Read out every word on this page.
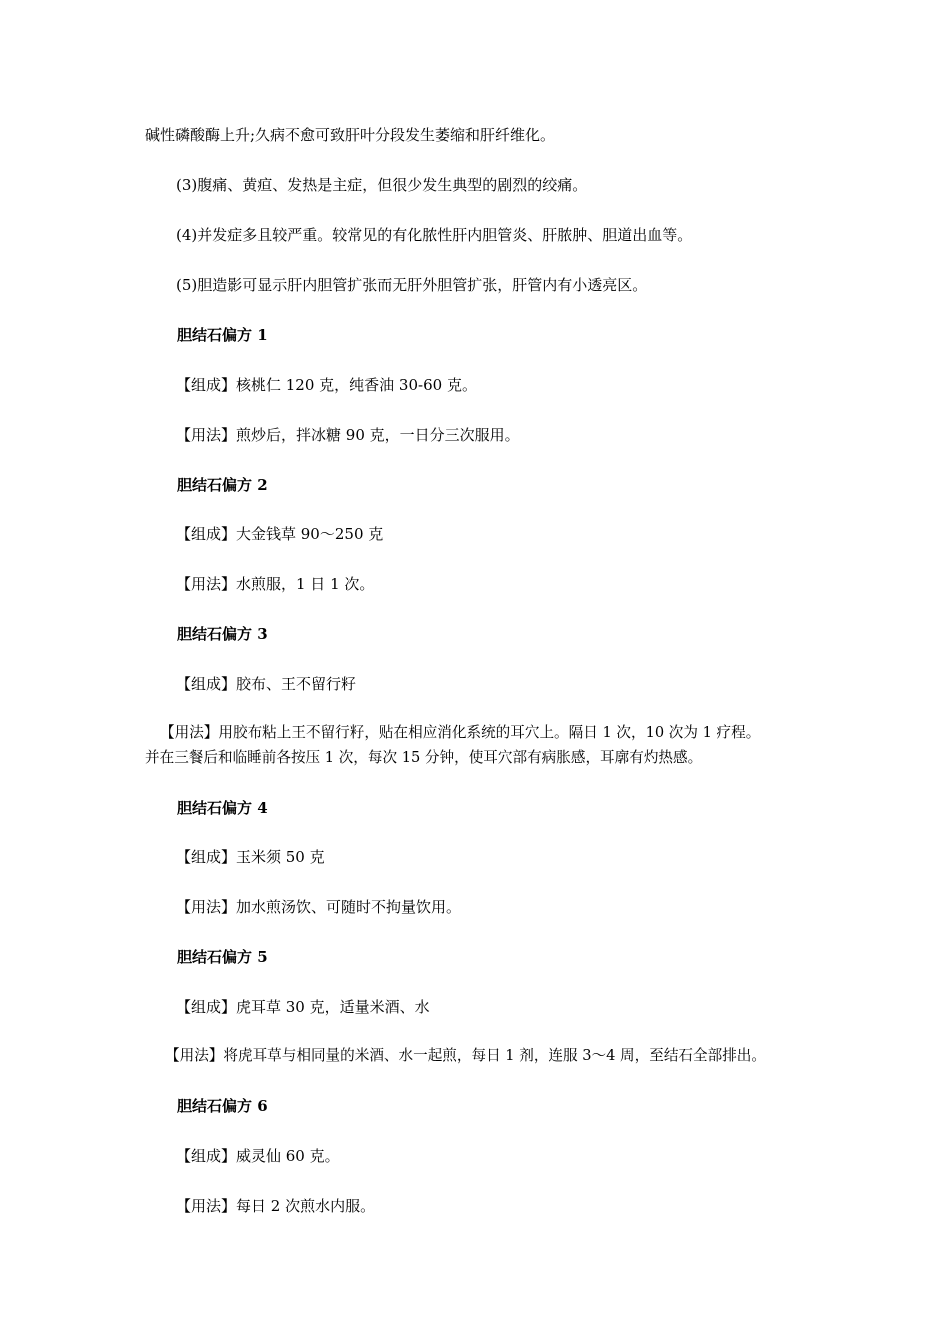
碱性磷酸酶上升;久病不愈可致肝叶分段发生萎缩和肝纤维化。
(3)腹痛、黄疸、发热是主症，但很少发生典型的剧烈的绞痛。
(4)并发症多且较严重。较常见的有化脓性肝内胆管炎、肝脓肿、胆道出血等。
(5)胆造影可显示肝内胆管扩张而无肝外胆管扩张，肝管内有小透亮区。
胆结石偏方 1
【组成】核桃仁 120 克，纯香油 30-60 克。
【用法】煎炒后，拌冰糖 90 克，一日分三次服用。
胆结石偏方 2
【组成】大金钱草 90～250 克
【用法】水煎服，1 日 1 次。
胆结石偏方 3
【组成】胶布、王不留行籽
【用法】用胶布粘上王不留行籽，贴在相应消化系统的耳穴上。隔日 1 次，10 次为 1 疗程。
并在三餐后和临睡前各按压 1 次，每次 15 分钟，使耳穴部有病胀感，耳廓有灼热感。
胆结石偏方 4
【组成】玉米须 50 克
【用法】加水煎汤饮、可随时不拘量饮用。
胆结石偏方 5
【组成】虎耳草 30 克，适量米酒、水
【用法】将虎耳草与相同量的米酒、水一起煎，每日 1 剂，连服 3～4 周，至结石全部排出。
胆结石偏方 6
【组成】威灵仙 60 克。
【用法】每日 2 次煎水内服。
